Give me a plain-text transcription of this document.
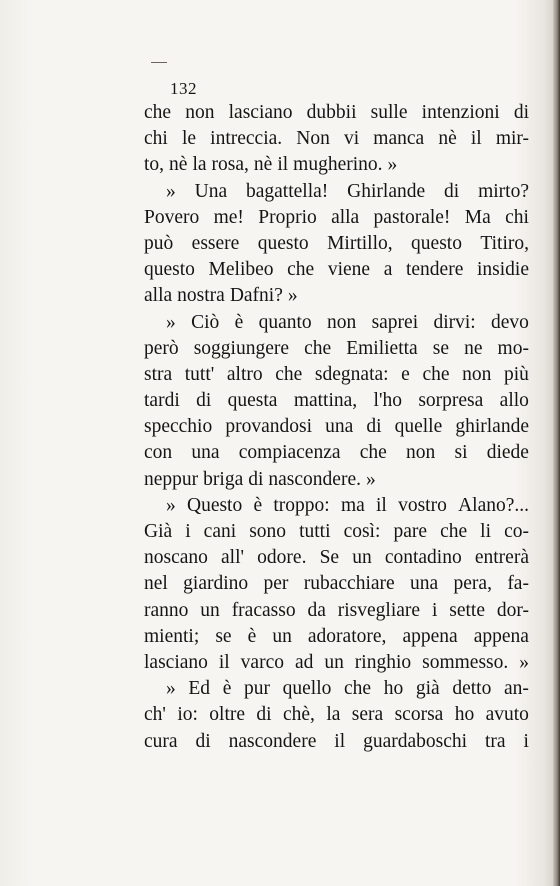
132
che non lasciano dubbii sulle intenzioni di
chi le intreccia. Non vi manca nè il mir-
to, nè la rosa, nè il mugherino. »
» Una bagattella! Ghirlande di mirto?
Povero me! Proprio alla pastorale! Ma chi
può essere questo Mirtillo, questo Titiro,
questo Melibeo che viene a tendere insidie
alla nostra Dafni? »
» Ciò è quanto non saprei dirvi: devo
però soggiungere che Emilietta se ne mo-
stra tutt' altro che sdegnata: e che non più
tardi di questa mattina, l'ho sorpresa allo
specchio provandosi una di quelle ghirlande
con una compiacenza che non si diede
neppur briga di nascondere. »
» Questo è troppo: ma il vostro Alano?...
Già i cani sono tutti così: pare che li co-
noscano all' odore. Se un contadino entrerà
nel giardino per rubacchiare una pera, fa-
ranno un fracasso da risvegliare i sette dor-
mienti; se è un adoratore, appena appena
lasciano il varco ad un ringhio sommesso. »
» Ed è pur quello che ho già detto an-
ch' io: oltre di chè, la sera scorsa ho avuto
cura di nascondere il guardaboschi tra i
